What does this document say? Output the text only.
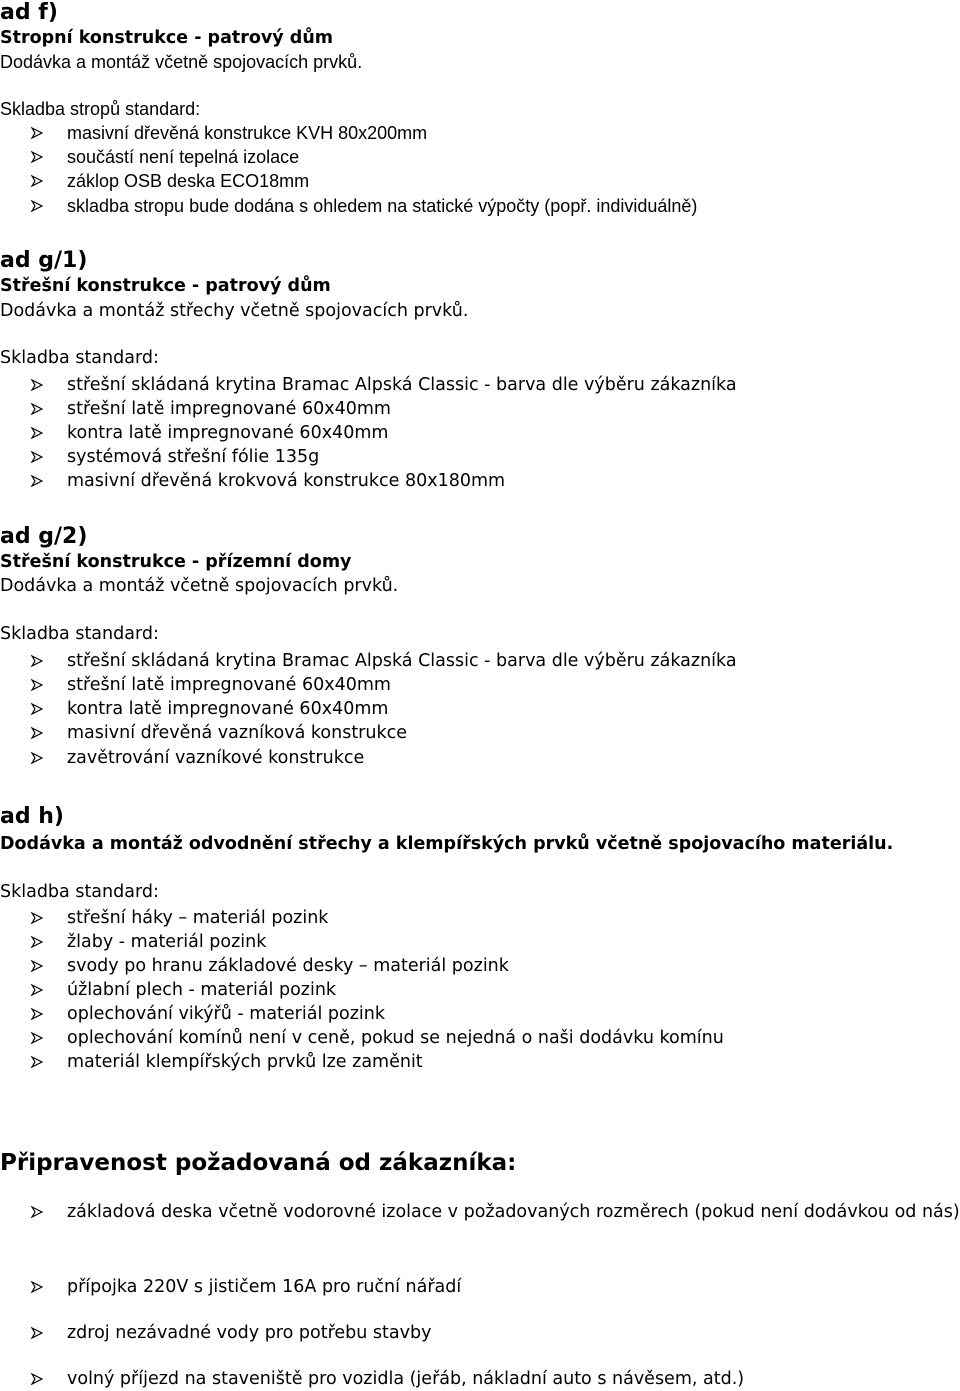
ad f)
Stropní konstrukce - patrový dům
Dodávka a montáž včetně spojovacích prvků.
Skladba stropů standard:
masivní dřevěná konstrukce KVH 80x200mm
součástí není tepelná izolace
záklop OSB deska ECO18mm
skladba stropu bude dodána s ohledem na statické výpočty (popř. individuálně)
ad g/1)
Střešní konstrukce - patrový dům
Dodávka a montáž střechy včetně spojovacích prvků.
Skladba standard:
střešní skládaná krytina Bramac Alpská Classic - barva dle výběru zákazníka
střešní latě impregnované 60x40mm
kontra latě impregnované 60x40mm
systémová střešní fólie 135g
masivní dřevěná krokvová konstrukce 80x180mm
ad g/2)
Střešní konstrukce - přízemní domy
Dodávka a montáž včetně spojovacích prvků.
Skladba standard:
střešní skládaná krytina Bramac Alpská Classic - barva dle výběru zákazníka
střešní latě impregnované 60x40mm
kontra latě impregnované 60x40mm
masivní dřevěná vazníková konstrukce
zavětrování vazníkové konstrukce
ad h)
Dodávka a montáž odvodnění střechy a klempířských prvků včetně spojovacího materiálu.
Skladba standard:
střešní háky – materiál pozink
žlaby - materiál pozink
svody po hranu základové desky – materiál pozink
úžlabní plech - materiál pozink
oplechování vikýřů - materiál pozink
oplechování komínů není v ceně, pokud se nejedná o naši dodávku komínu
materiál klempířských prvků lze zaměnit
Připravenost požadovaná od zákazníka:
základová deska včetně vodorovné izolace v požadovaných rozměrech (pokud není dodávkou od nás)
přípojka 220V s jističem 16A pro ruční nářadí
zdroj nezávadné vody pro potřebu stavby
volný příjezd na staveniště pro vozidla (jeřáb, nákladní auto s návěsem, atd.)
